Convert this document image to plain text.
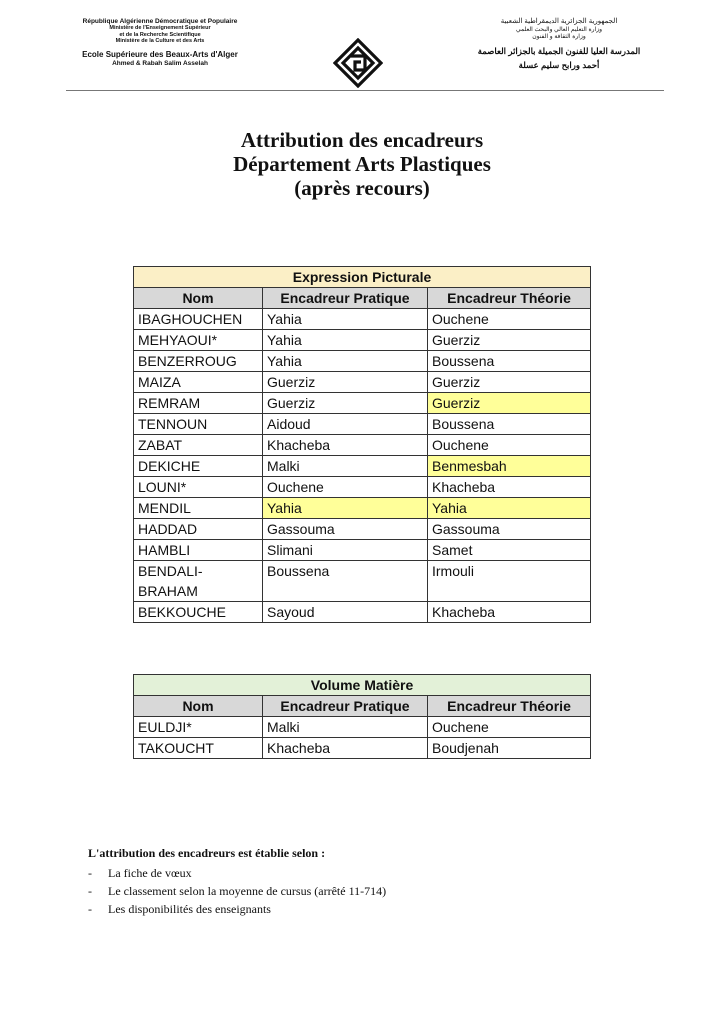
République Algérienne Démocratique et Populaire
Ministère de l'Enseignement Supérieur
et de la Recherche Scientifique
Ministère de la Culture et des Arts
Ecole Supérieure des Beaux-Arts d'Alger
Ahmed & Rabah Salim Asselah
الجمهورية الجزائرية الديمقراطية الشعبية
وزارة التعليم العالي والبحث العلمي
وزارة الثقافة و الفنون
المدرسة العليا للفنون الجميلة بالجزائر العاصمة
أحمد ورابح سليم عسلة
Attribution des encadreurs
Département Arts Plastiques
(après recours)
Expression Picturale		
Nom	Encadreur Pratique	Encadreur Théorie
IBAGHOUCHEN	Yahia	Ouchene
MEHYAOUI*	Yahia	Guerziz
BENZERROUG	Yahia	Boussena
MAIZA	Guerziz	Guerziz
REMRAM	Guerziz	Guerziz
TENNOUN	Aidoud	Boussena
ZABAT	Khacheba	Ouchene
DEKICHE	Malki	Benmesbah
LOUNI*	Ouchene	Khacheba
MENDIL	Yahia	Yahia
HADDAD	Gassouma	Gassouma
HAMBLI	Slimani	Samet
BENDALI-BRAHAM	Boussena	Irmouli
BEKKOUCHE	Sayoud	Khacheba
Volume Matière		
Nom	Encadreur Pratique	Encadreur Théorie
EULDJI*	Malki	Ouchene
TAKOUCHT	Khacheba	Boudjenah
L'attribution des encadreurs est établie selon :
- La fiche de vœux
- Le classement selon la moyenne de cursus (arrêté 11-714)
- Les disponibilités des enseignants
